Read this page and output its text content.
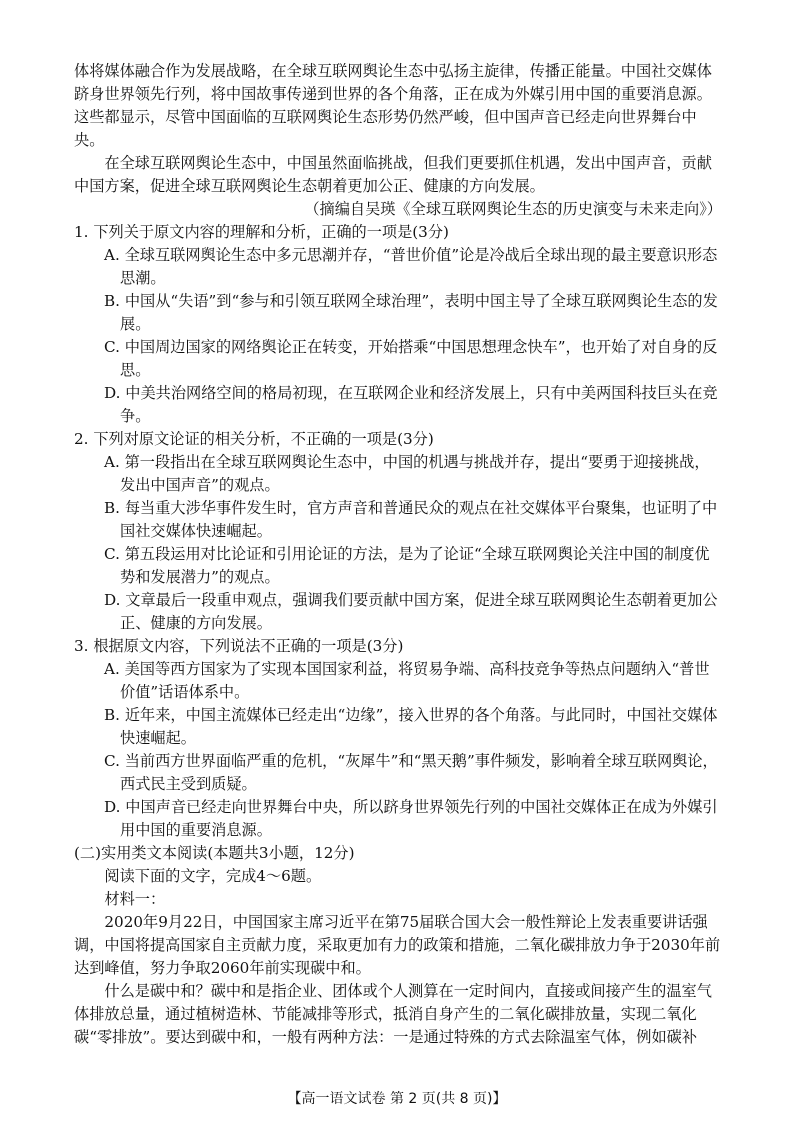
体将媒体融合作为发展战略，在全球互联网舆论生态中弘扬主旋律，传播正能量。中国社交媒体跻身世界领先行列，将中国故事传递到世界的各个角落，正在成为外媒引用中国的重要消息源。这些都显示，尽管中国面临的互联网舆论生态形势仍然严峻，但中国声音已经走向世界舞台中央。

在全球互联网舆论生态中，中国虽然面临挑战，但我们更要抓住机遇，发出中国声音，贡献中国方案，促进全球互联网舆论生态朝着更加公正、健康的方向发展。

（摘编自吴瑛《全球互联网舆论生态的历史演变与未来走向》）

1. 下列关于原文内容的理解和分析，正确的一项是(3分)

A. 全球互联网舆论生态中多元思潮并存，“普世价值”论是冷战后全球出现的最主要意识形态思潮。

B. 中国从“失语”到“参与和引领互联网全球治理”，表明中国主导了全球互联网舆论生态的发展。

C. 中国周边国家的网络舆论正在转变，开始搭乘“中国思想理念快车”，也开始了对自身的反思。

D. 中美共治网络空间的格局初现，在互联网企业和经济发展上，只有中美两国科技巨头在竞争。

2. 下列对原文论证的相关分析，不正确的一项是(3分)

A. 第一段指出在全球互联网舆论生态中，中国的机遇与挑战并存，提出“要勇于迎接挑战，发出中国声音”的观点。

B. 每当重大涉华事件发生时，官方声音和普通民众的观点在社交媒体平台聚集，也证明了中国社交媒体快速崛起。

C. 第五段运用对比论证和引用论证的方法，是为了论证“全球互联网舆论关注中国的制度优势和发展潜力”的观点。

D. 文章最后一段重申观点，强调我们要贡献中国方案，促进全球互联网舆论生态朝着更加公正、健康的方向发展。

3. 根据原文内容，下列说法不正确的一项是(3分)

A. 美国等西方国家为了实现本国国家利益，将贸易争端、高科技竞争等热点问题纳入“普世价值”话语体系中。

B. 近年来，中国主流媒体已经走出“边缘”，接入世界的各个角落。与此同时，中国社交媒体快速崛起。

C. 当前西方世界面临严重的危机，“灰犀牛”和“黑天鹅”事件频发，影响着全球互联网舆论，西式民主受到质疑。

D. 中国声音已经走向世界舞台中央，所以跻身世界领先行列的中国社交媒体正在成为外媒引用中国的重要消息源。

(二)实用类文本阅读(本题共3小题，12分)

阅读下面的文字，完成4～6题。

材料一：

2020年9月22日，中国国家主席习近平在第75届联合国大会一般性辩论上发表重要讲话强调，中国将提高国家自主贡献力度，采取更加有力的政策和措施，二氧化碳排放力争于2030年前达到峰值，努力争取2060年前实现碳中和。

什么是碳中和？碳中和是指企业、团体或个人测算在一定时间内，直接或间接产生的温室气体排放总量，通过植树造林、节能减排等形式，抵消自身产生的二氧化碳排放量，实现二氧化碳“零排放”。要达到碳中和，一般有两种方法：一是通过特殊的方式去除温室气体，例如碳补

【高一语文试卷 第 2 页(共 8 页)】
